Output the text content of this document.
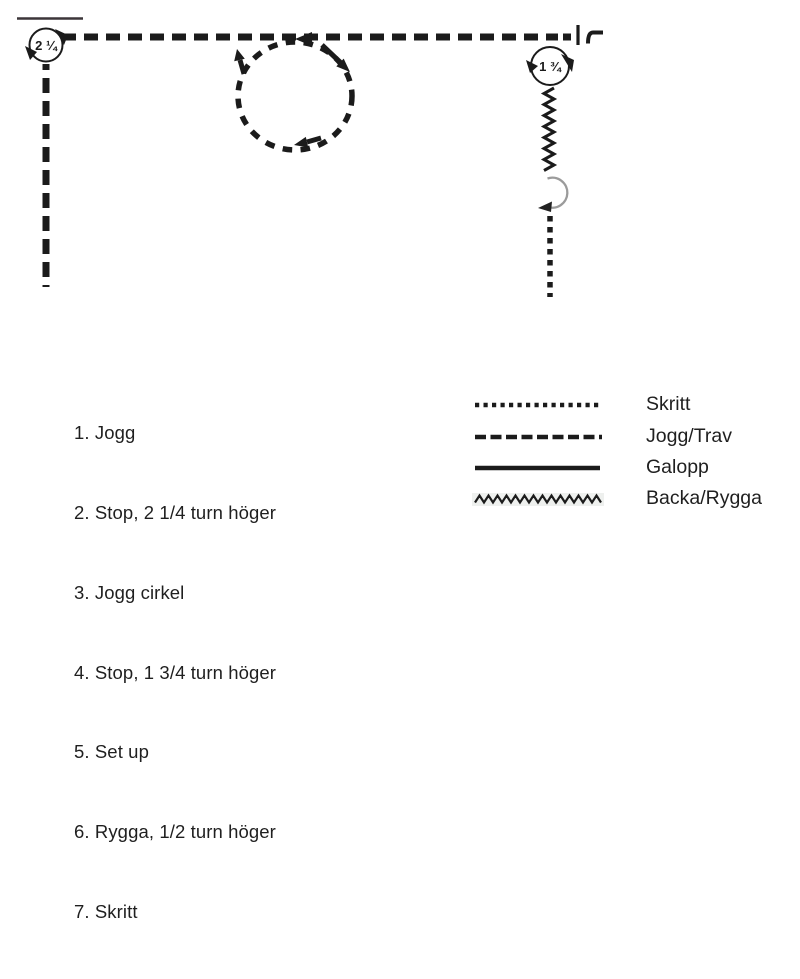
2 ¼
1 ¾

1. Jogg

2. Stop, 2 1/4 turn höger

3. Jogg cirkel

4. Stop, 1 3/4 turn höger

5. Set up

6. Rygga, 1/2 turn höger

7. Skritt

Skritt
Jogg/Trav
Galopp
Backa/Rygga
